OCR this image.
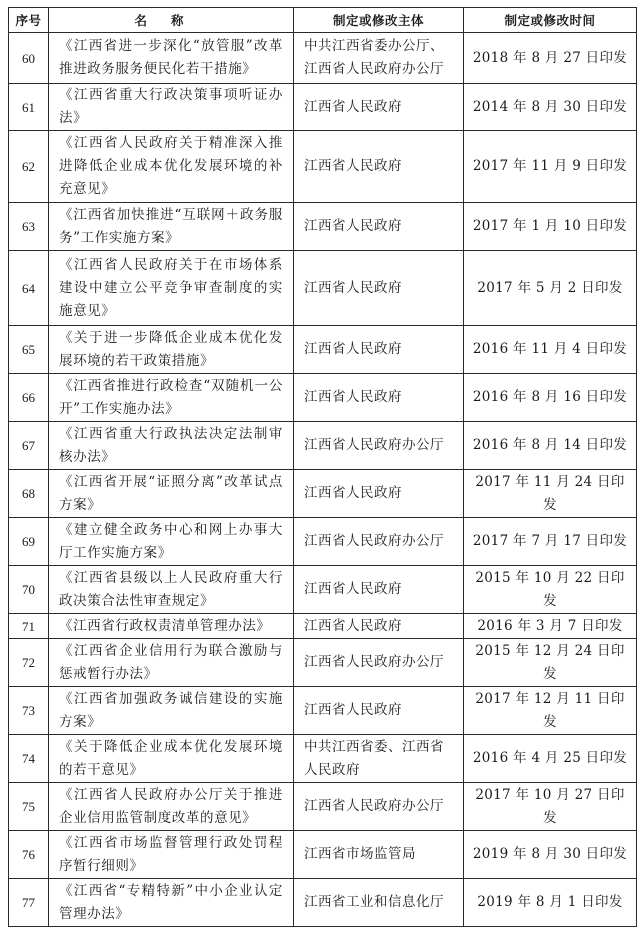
序号	名称	制定或修改主体	制定或修改时间
60	《江西省进一步深化“放管服”改革推进政务服务便民化若干措施》	中共江西省委办公厅、江西省人民政府办公厅	2018 年 8 月 27 日印发
61	《江西省重大行政决策事项听证办法》	江西省人民政府	2014 年 8 月 30 日印发
62	《江西省人民政府关于精准深入推进降低企业成本优化发展环境的补充意见》	江西省人民政府	2017 年 11 月 9 日印发
63	《江西省加快推进“互联网＋政务服务”工作实施方案》	江西省人民政府	2017 年 1 月 10 日印发
64	《江西省人民政府关于在市场体系建设中建立公平竞争审查制度的实施意见》	江西省人民政府	2017 年 5 月 2 日印发
65	《关于进一步降低企业成本优化发展环境的若干政策措施》	江西省人民政府	2016 年 11 月 4 日印发
66	《江西省推进行政检查“双随机一公开”工作实施办法》	江西省人民政府	2016 年 8 月 16 日印发
67	《江西省重大行政执法决定法制审核办法》	江西省人民政府办公厅	2016 年 8 月 14 日印发
68	《江西省开展“证照分离”改革试点方案》	江西省人民政府	2017 年 11 月 24 日印发
69	《建立健全政务中心和网上办事大厅工作实施方案》	江西省人民政府办公厅	2017 年 7 月 17 日印发
70	《江西省县级以上人民政府重大行政决策合法性审查规定》	江西省人民政府	2015 年 10 月 22 日印发
71	《江西省行政权责清单管理办法》	江西省人民政府	2016 年 3 月 7 日印发
72	《江西省企业信用行为联合激励与惩戒暂行办法》	江西省人民政府办公厅	2015 年 12 月 24 日印发
73	《江西省加强政务诚信建设的实施方案》	江西省人民政府	2017 年 12 月 11 日印发
74	《关于降低企业成本优化发展环境的若干意见》	中共江西省委、江西省人民政府	2016 年 4 月 25 日印发
75	《江西省人民政府办公厅关于推进企业信用监管制度改革的意见》	江西省人民政府办公厅	2017 年 10 月 27 日印发
76	《江西省市场监督管理行政处罚程序暂行细则》	江西省市场监管局	2019 年 8 月 30 日印发
77	《江西省“专精特新”中小企业认定管理办法》	江西省工业和信息化厅	2019 年 8 月 1 日印发
